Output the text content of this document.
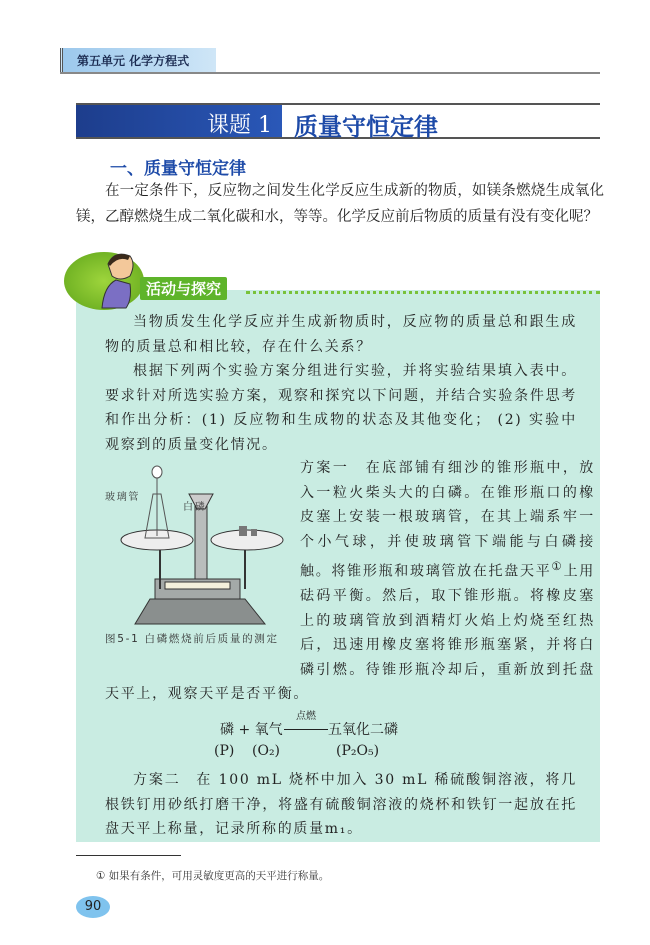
第五单元 化学方程式
课题 1 质量守恒定律
一、质量守恒定律
在一定条件下，反应物之间发生化学反应生成新的物质，如镁条燃烧生成氧化镁，乙醇燃烧生成二氧化碳和水，等等。化学反应前后物质的质量有没有变化呢？
活动与探究
当物质发生化学反应并生成新物质时，反应物的质量总和跟生成物的质量总和相比较，存在什么关系？
根据下列两个实验方案分组进行实验，并将实验结果填入表中。要求针对所选实验方案，观察和探究以下问题，并结合实验条件思考和作出分析：(1) 反应物和生成物的状态及其他变化； (2) 实验中观察到的质量变化情况。
玻璃管
白磷
图5-1 白磷燃烧前后质量的测定
方案一　在底部铺有细沙的锥形瓶中，放入一粒火柴头大的白磷。在锥形瓶口的橡皮塞上安装一根玻璃管，在其上端系牢一个小气球，并使玻璃管下端能与白磷接触。将锥形瓶和玻璃管放在托盘天平①上用砝码平衡。然后，取下锥形瓶。将橡皮塞上的玻璃管放到酒精灯火焰上灼烧至红热后，迅速用橡皮塞将锥形瓶塞紧，并将白磷引燃。待锥形瓶冷却后，重新放到托盘天平上，观察天平是否平衡。
磷 + 氧气
点燃
五氧化二磷
(P) (O₂)	(P₂O₅)
方案二　在 100 mL 烧杯中加入 30 mL 稀硫酸铜溶液，将几根铁钉用砂纸打磨干净，将盛有硫酸铜溶液的烧杯和铁钉一起放在托盘天平上称量，记录所称的质量m₁。
① 如果有条件，可用灵敏度更高的天平进行称量。
90
